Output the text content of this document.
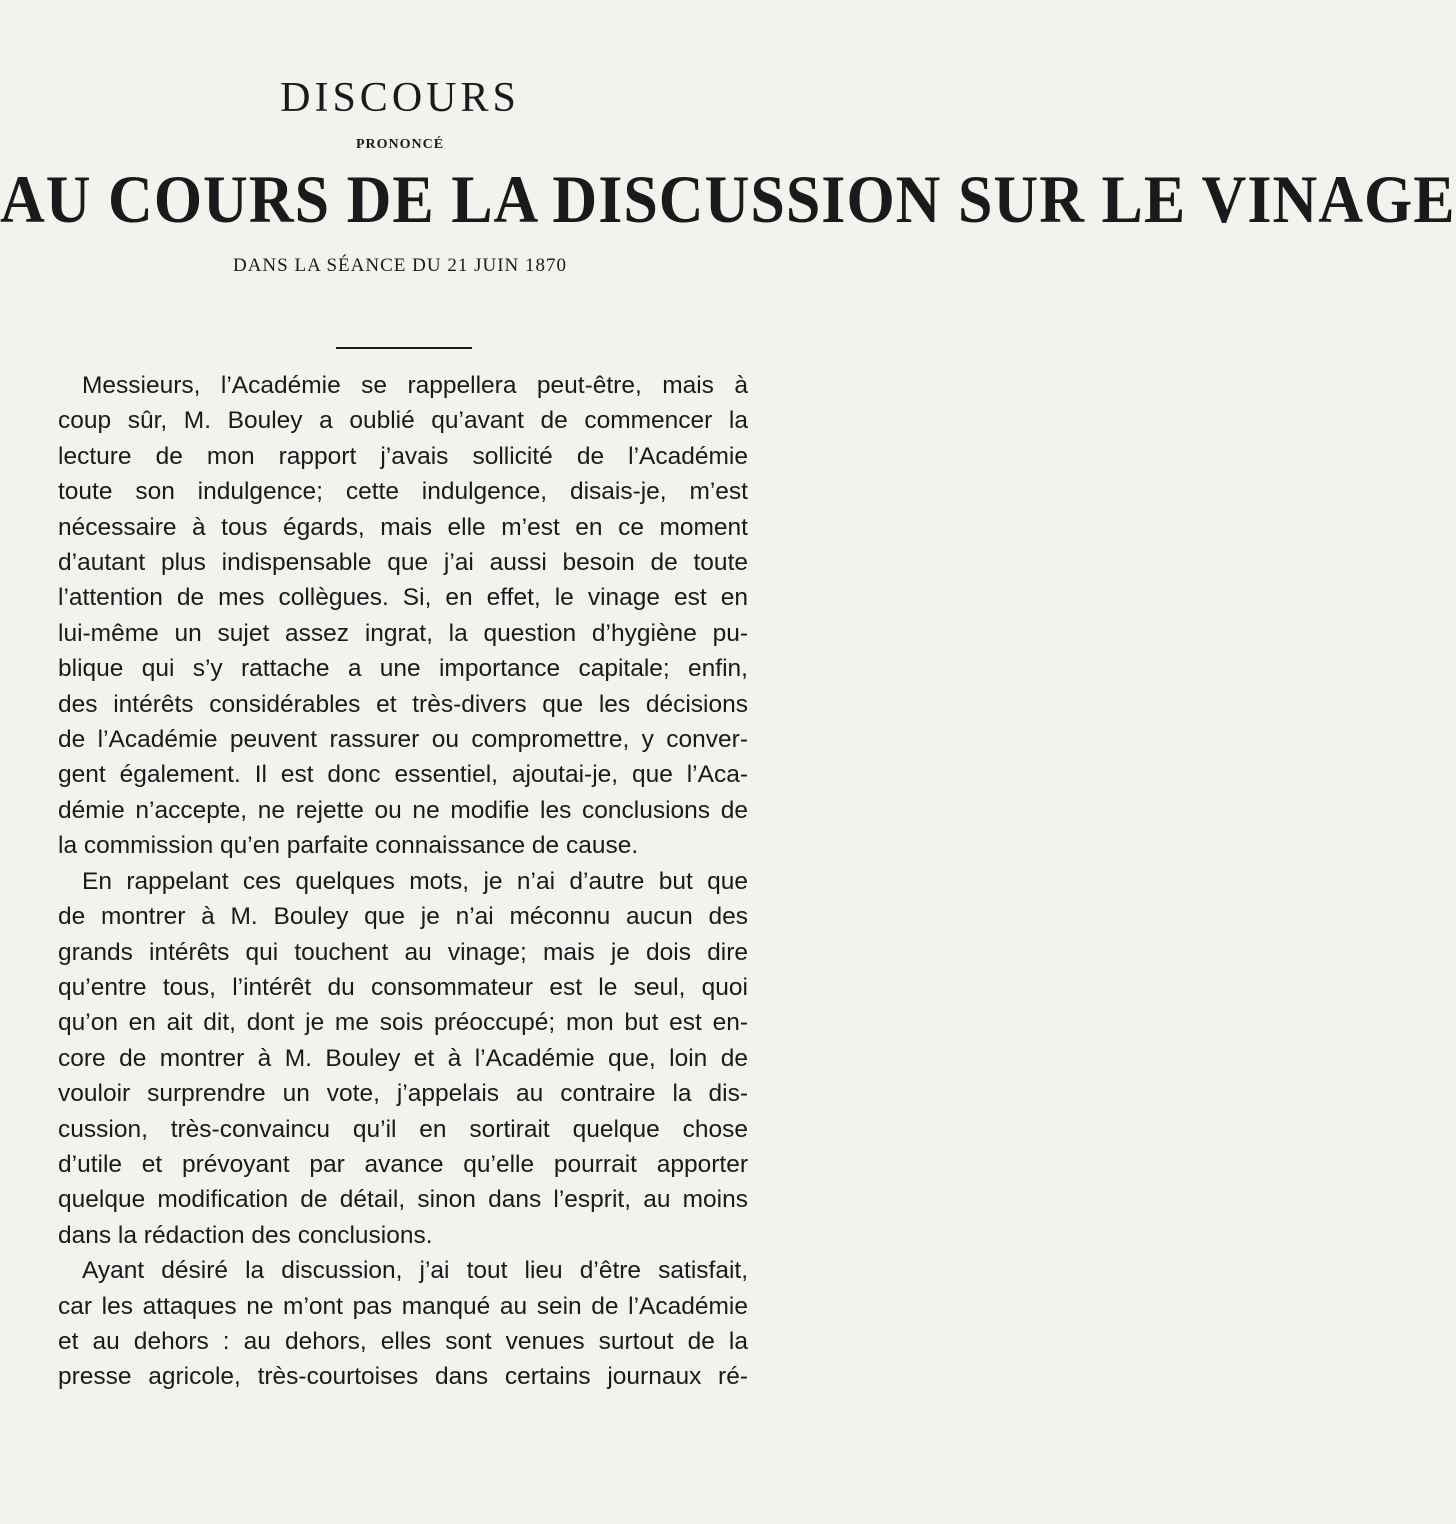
DISCOURS
PRONONCÉ
AU COURS DE LA DISCUSSION SUR LE VINAGE
DANS LA SÉANCE DU 21 JUIN 1870

Messieurs, l’Académie se rappellera peut-être, mais à
coup sûr, M. Bouley a oublié qu’avant de commencer la
lecture de mon rapport j’avais sollicité de l’Académie
toute son indulgence; cette indulgence, disais-je, m’est
nécessaire à tous égards, mais elle m’est en ce moment
d’autant plus indispensable que j’ai aussi besoin de toute
l’attention de mes collègues. Si, en effet, le vinage est en
lui-même un sujet assez ingrat, la question d’hygiène pu-
blique qui s’y rattache a une importance capitale; enfin,
des intérêts considérables et très-divers que les décisions
de l’Académie peuvent rassurer ou compromettre, y conver-
gent également. Il est donc essentiel, ajoutai-je, que l’Aca-
démie n’accepte, ne rejette ou ne modifie les conclusions de
la commission qu’en parfaite connaissance de cause.

En rappelant ces quelques mots, je n’ai d’autre but que
de montrer à M. Bouley que je n’ai méconnu aucun des
grands intérêts qui touchent au vinage; mais je dois dire
qu’entre tous, l’intérêt du consommateur est le seul, quoi
qu’on en ait dit, dont je me sois préoccupé; mon but est en-
core de montrer à M. Bouley et à l’Académie que, loin de
vouloir surprendre un vote, j’appelais au contraire la dis-
cussion, très-convaincu qu’il en sortirait quelque chose
d’utile et prévoyant par avance qu’elle pourrait apporter
quelque modification de détail, sinon dans l’esprit, au moins
dans la rédaction des conclusions.

Ayant désiré la discussion, j’ai tout lieu d’être satisfait,
car les attaques ne m’ont pas manqué au sein de l’Académie
et au dehors : au dehors, elles sont venues surtout de la
presse agricole, très-courtoises dans certains journaux ré-
